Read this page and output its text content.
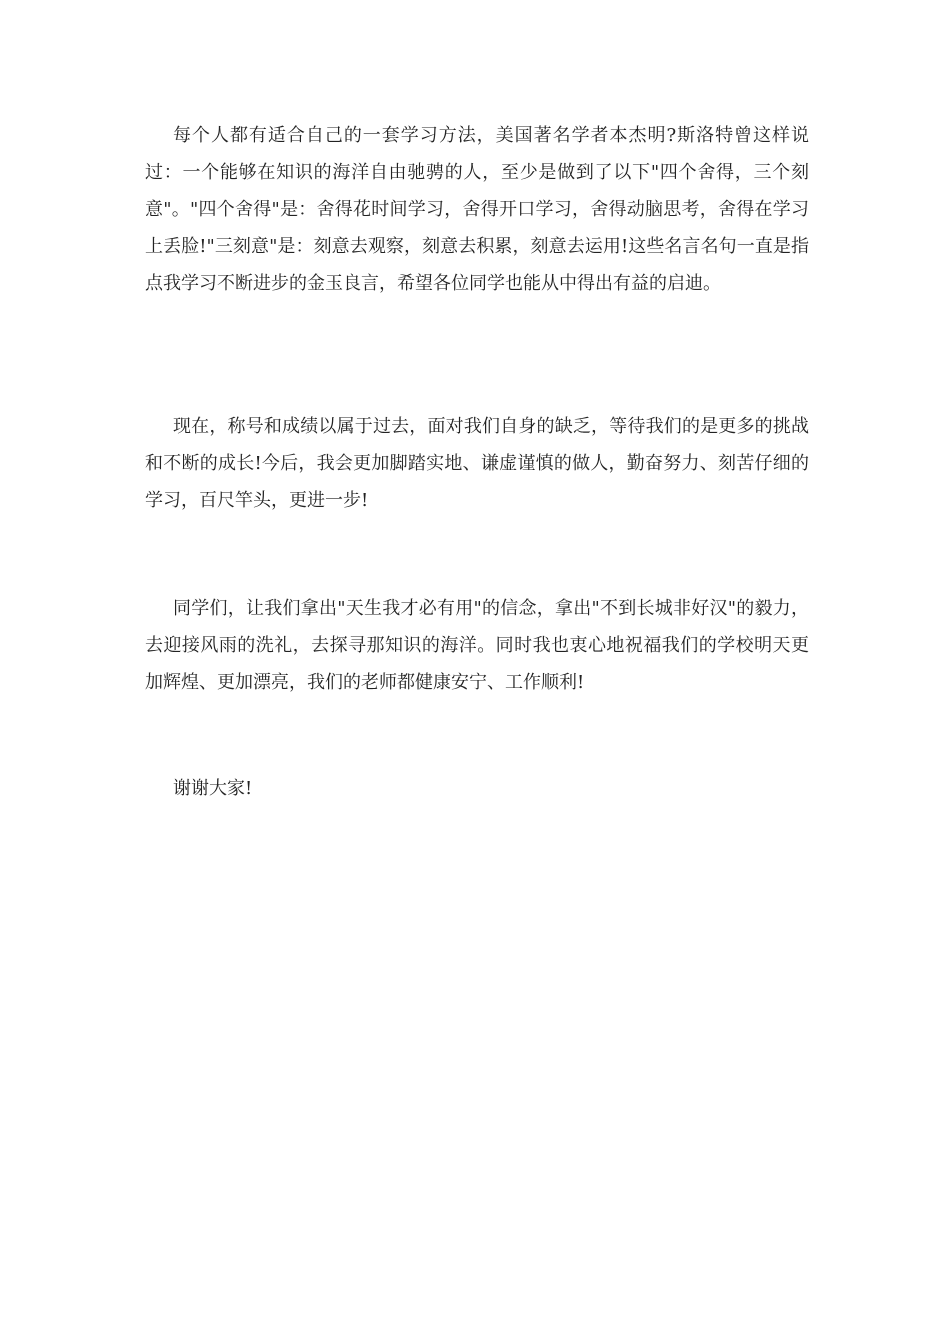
每个人都有适合自己的一套学习方法，美国著名学者本杰明?斯洛特曾这样说过：一个能够在知识的海洋自由驰骋的人，至少是做到了以下"四个舍得，三个刻意"。"四个舍得"是：舍得花时间学习，舍得开口学习，舍得动脑思考，舍得在学习上丢脸!"三刻意"是：刻意去观察，刻意去积累，刻意去运用!这些名言名句一直是指点我学习不断进步的金玉良言，希望各位同学也能从中得出有益的启迪。

现在，称号和成绩以属于过去，面对我们自身的缺乏，等待我们的是更多的挑战和不断的成长!今后，我会更加脚踏实地、谦虚谨慎的做人，勤奋努力、刻苦仔细的学习，百尺竿头，更进一步!

同学们，让我们拿出"天生我才必有用"的信念，拿出"不到长城非好汉"的毅力，去迎接风雨的洗礼，去探寻那知识的海洋。同时我也衷心地祝福我们的学校明天更加辉煌、更加漂亮，我们的老师都健康安宁、工作顺利!

谢谢大家!
